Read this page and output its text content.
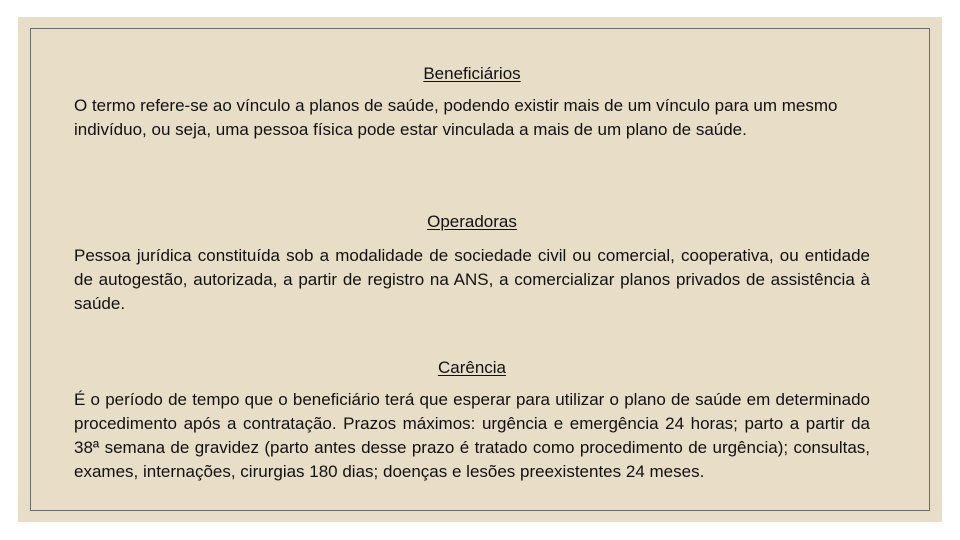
Beneficiários

O termo refere-se ao vínculo a planos de saúde, podendo existir mais de um vínculo para um mesmo indivíduo, ou seja, uma pessoa física pode estar vinculada a mais de um plano de saúde.

Operadoras

Pessoa jurídica constituída sob a modalidade de sociedade civil ou comercial, cooperativa, ou entidade de autogestão, autorizada, a partir de registro na ANS, a comercializar planos privados de assistência à saúde.

Carência

É o período de tempo que o beneficiário terá que esperar para utilizar o plano de saúde em determinado procedimento após a contratação. Prazos máximos: urgência e emergência 24 horas; parto a partir da 38ª semana de gravidez (parto antes desse prazo é tratado como procedimento de urgência); consultas, exames, internações, cirurgias 180 dias; doenças e lesões preexistentes 24 meses.
